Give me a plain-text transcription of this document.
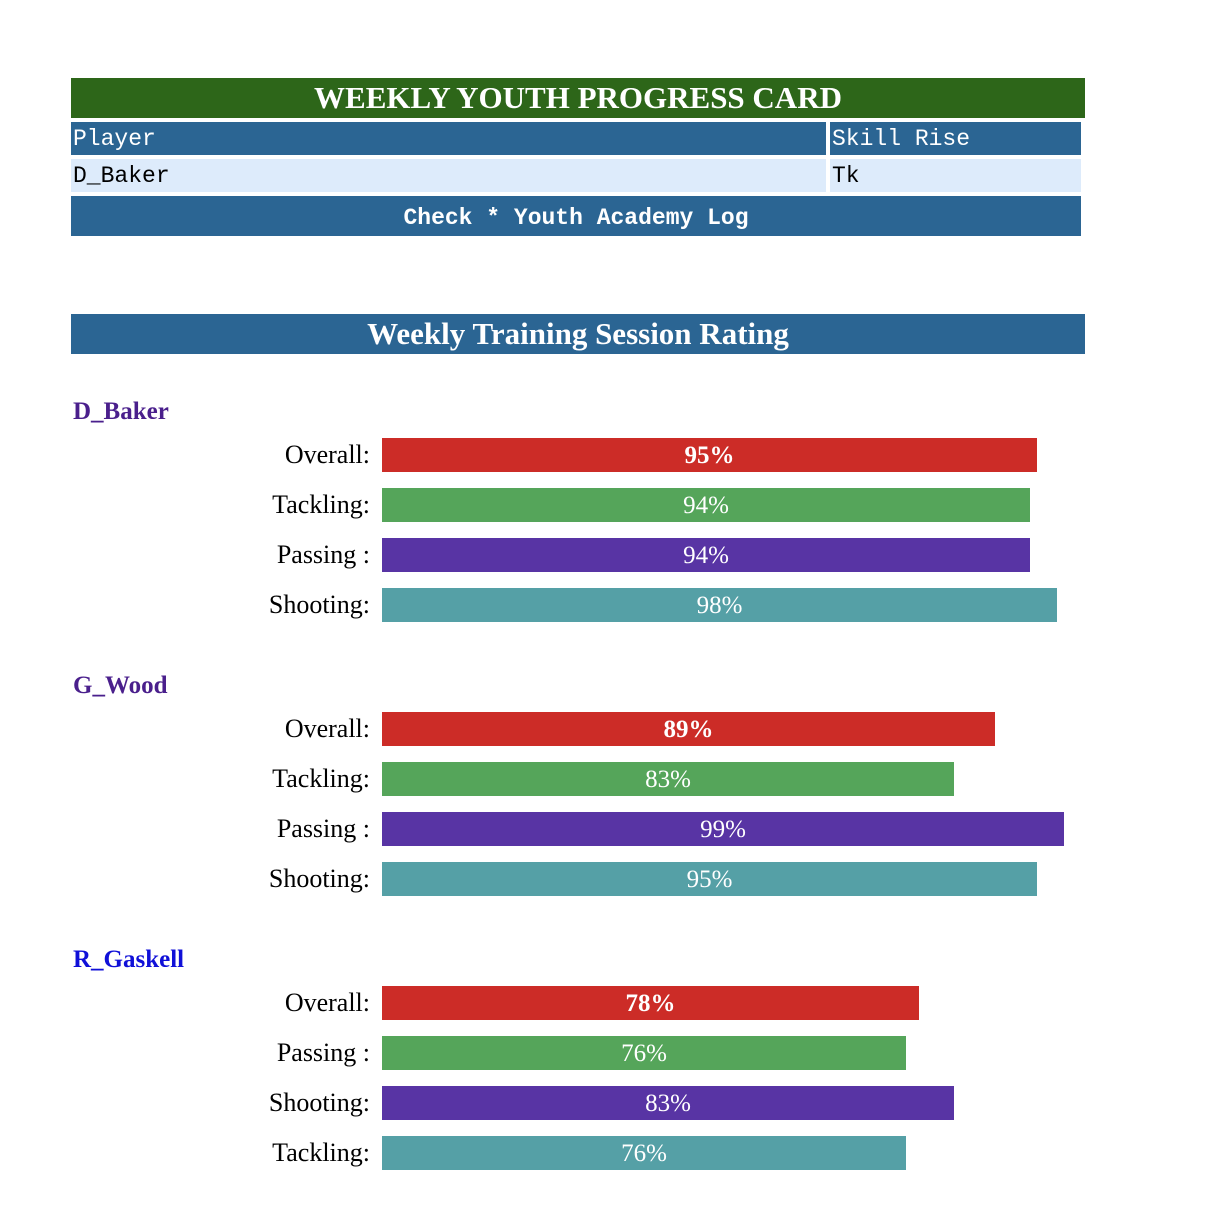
WEEKLY YOUTH PROGRESS CARD
Player	Skill Rise
D_Baker	Tk
Check * Youth Academy Log
Weekly Training Session Rating
D_Baker
Overall:	95%
Tackling:	94%
Passing :	94%
Shooting:	98%
G_Wood
Overall:	89%
Tackling:	83%
Passing :	99%
Shooting:	95%
R_Gaskell
Overall:	78%
Passing :	76%
Shooting:	83%
Tackling:	76%
